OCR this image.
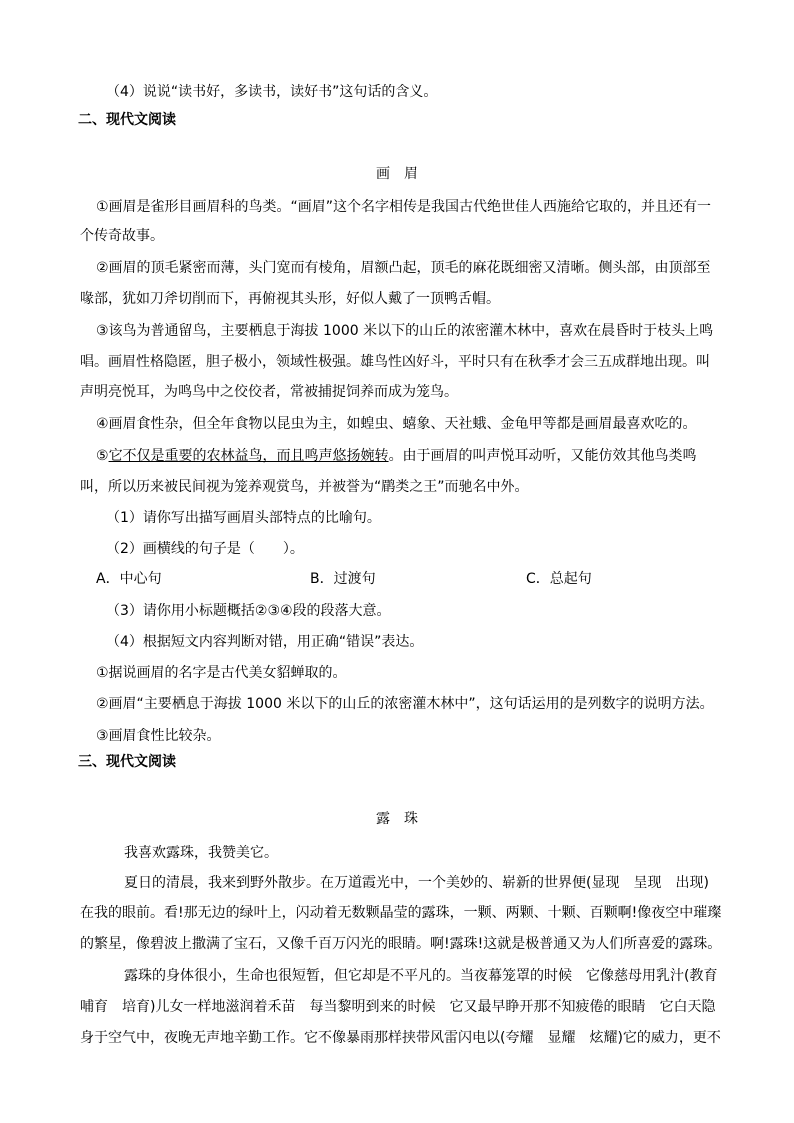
（4）说说“读书好，多读书，读好书”这句话的含义。
二、现代文阅读
画　眉
①画眉是雀形目画眉科的鸟类。“画眉”这个名字相传是我国古代绝世佳人西施给它取的，并且还有一
个传奇故事。
②画眉的顶毛紧密而薄，头门宽而有棱角，眉额凸起，顶毛的麻花既细密又清晰。侧头部，由顶部至
喙部，犹如刀斧切削而下，再俯视其头形，好似人戴了一顶鸭舌帽。
③该鸟为普通留鸟，主要栖息于海拔 1000 米以下的山丘的浓密灌木林中，喜欢在晨昏时于枝头上鸣
唱。画眉性格隐匿，胆子极小，领域性极强。雄鸟性凶好斗，平时只有在秋季才会三五成群地出现。叫
声明亮悦耳，为鸣鸟中之佼佼者，常被捕捉饲养而成为笼鸟。
④画眉食性杂，但全年食物以昆虫为主，如蝗虫、蟢象、天社蛾、金龟甲等都是画眉最喜欢吃的。
⑤它不仅是重要的农林益鸟，而且鸣声悠扬婉转。由于画眉的叫声悦耳动听，又能仿效其他鸟类鸣
叫，所以历来被民间视为笼养观赏鸟，并被誉为“鹛类之王”而驰名中外。
（1）请你写出描写画眉头部特点的比喻句。
（2）画横线的句子是（　　）。
A．中心句	B．过渡句	C．总起句
（3）请你用小标题概括②③④段的段落大意。
（4）根据短文内容判断对错，用正确“错误”表达。
①据说画眉的名字是古代美女貂蝉取的。
②画眉“主要栖息于海拔 1000 米以下的山丘的浓密灌木林中”，这句话运用的是列数字的说明方法。
③画眉食性比较杂。
三、现代文阅读
露　珠
我喜欢露珠，我赞美它。
夏日的清晨，我来到野外散步。在万道霞光中，一个美妙的、崭新的世界便(显现　呈现　出现)
在我的眼前。看!那无边的绿叶上，闪动着无数颗晶莹的露珠，一颗、两颗、十颗、百颗啊!像夜空中璀璨
的繁星，像碧波上撒满了宝石，又像千百万闪光的眼睛。啊!露珠!这就是极普通又为人们所喜爱的露珠。
露珠的身体很小，生命也很短暂，但它却是不平凡的。当夜幕笼罩的时候　它像慈母用乳汁(教育
哺育　培育)儿女一样地滋润着禾苗　每当黎明到来的时候　它又最早睁开那不知疲倦的眼睛　它白天隐
身于空气中，夜晚无声地辛勤工作。它不像暴雨那样挟带风雷闪电以(夸耀　显耀　炫耀)它的威力，更不
